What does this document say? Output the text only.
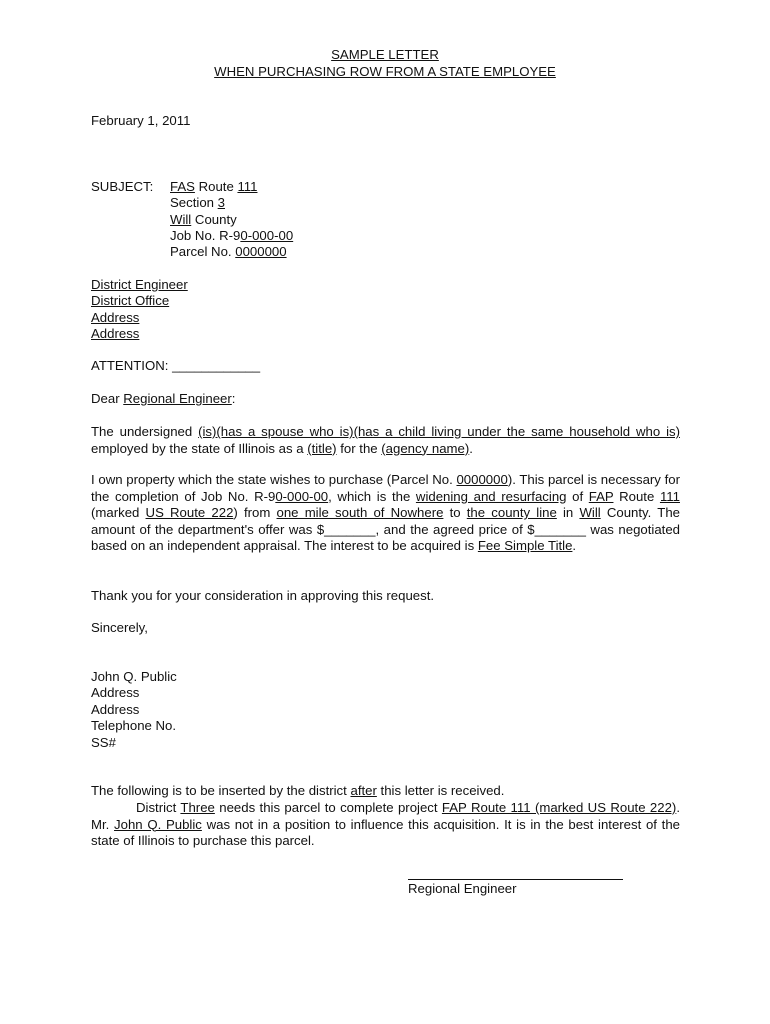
SAMPLE LETTER
WHEN PURCHASING ROW FROM A STATE EMPLOYEE
February 1, 2011
SUBJECT: FAS Route 111
Section 3
Will County
Job No. R-90-000-00
Parcel No. 0000000
District Engineer
District Office
Address
Address
ATTENTION: ____________
Dear Regional Engineer:
The undersigned (is)(has a spouse who is)(has a child living under the same household who is) employed by the state of Illinois as a (title) for the (agency name).
I own property which the state wishes to purchase (Parcel No. 0000000). This parcel is necessary for the completion of Job No. R-90-000-00, which is the widening and resurfacing of FAP Route 111 (marked US Route 222) from one mile south of Nowhere to the county line in Will County. The amount of the department's offer was $_______, and the agreed price of $_______ was negotiated based on an independent appraisal. The interest to be acquired is Fee Simple Title.
Thank you for your consideration in approving this request.
Sincerely,
John Q. Public
Address
Address
Telephone No.
SS#
The following is to be inserted by the district after this letter is received.
District Three needs this parcel to complete project FAP Route 111 (marked US Route 222). Mr. John Q. Public was not in a position to influence this acquisition. It is in the best interest of the state of Illinois to purchase this parcel.
Regional Engineer
